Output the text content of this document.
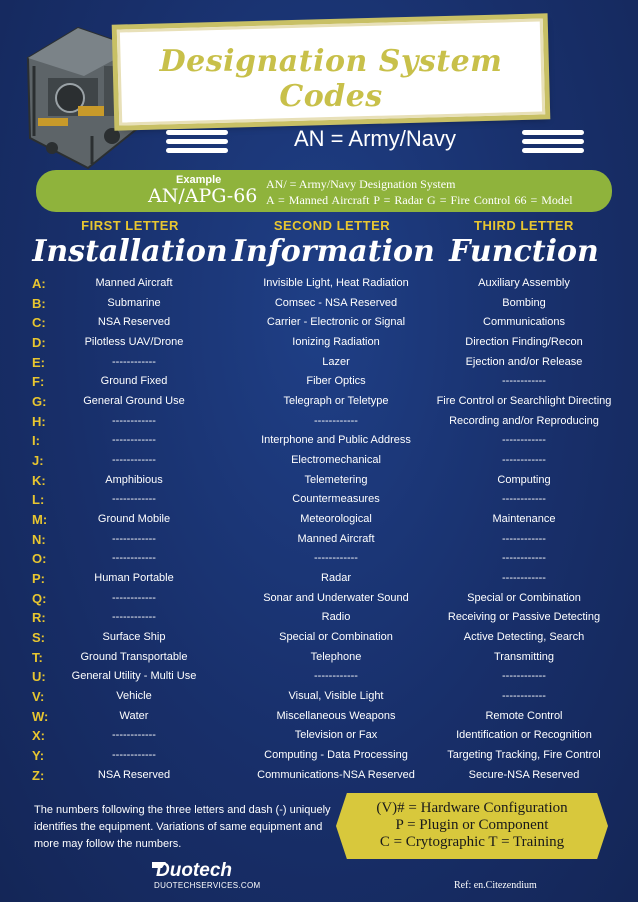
Designation System Codes
AN = Army/Navy
Example
AN/APG-66
AN/ = Army/Navy Designation System
A = Manned Aircraft P = Radar G = Fire Control 66 = Model
FIRST LETTER	SECOND LETTER	THIRD LETTER
Installation Information Function
A:	Manned Aircraft	Invisible Light, Heat Radiation	Auxiliary Assembly
B:	Submarine	Comsec - NSA Reserved	Bombing
C:	NSA Reserved	Carrier - Electronic or Signal	Communications
D:	Pilotless UAV/Drone	Ionizing Radiation	Direction Finding/Recon
E:	------------	Lazer	Ejection and/or Release
F:	Ground Fixed	Fiber Optics	------------
G:	General Ground Use	Telegraph or Teletype	Fire Control or Searchlight Directing
H:	------------	------------	Recording and/or Reproducing
I:	------------	Interphone and Public Address	------------
J:	------------	Electromechanical	------------
K:	Amphibious	Telemetering	Computing
L:	------------	Countermeasures	------------
M:	Ground Mobile	Meteorological	Maintenance
N:	------------	Manned Aircraft	------------
O:	------------	------------	------------
P:	Human Portable	Radar	------------
Q:	------------	Sonar and Underwater Sound	Special or Combination
R:	------------	Radio	Receiving or Passive Detecting
S:	Surface Ship	Special or Combination	Active Detecting, Search
T:	Ground Transportable	Telephone	Transmitting
U:	General Utility - Multi Use	------------	------------
V:	Vehicle	Visual, Visible Light	------------
W:	Water	Miscellaneous Weapons	Remote Control
X:	------------	Television or Fax	Identification or Recognition
Y:	------------	Computing - Data Processing	Targeting Tracking, Fire Control
Z:	NSA Reserved	Communications-NSA Reserved	Secure-NSA Reserved
The numbers following the three letters and dash (-) uniquely identifies the equipment. Variations of same equipment and more may follow the numbers.
(V)# = Hardware Configuration
P = Plugin or Component
C = Crytographic T = Training
Duotech
DUOTECHSERVICES.COM	Ref: en.Citezendium
